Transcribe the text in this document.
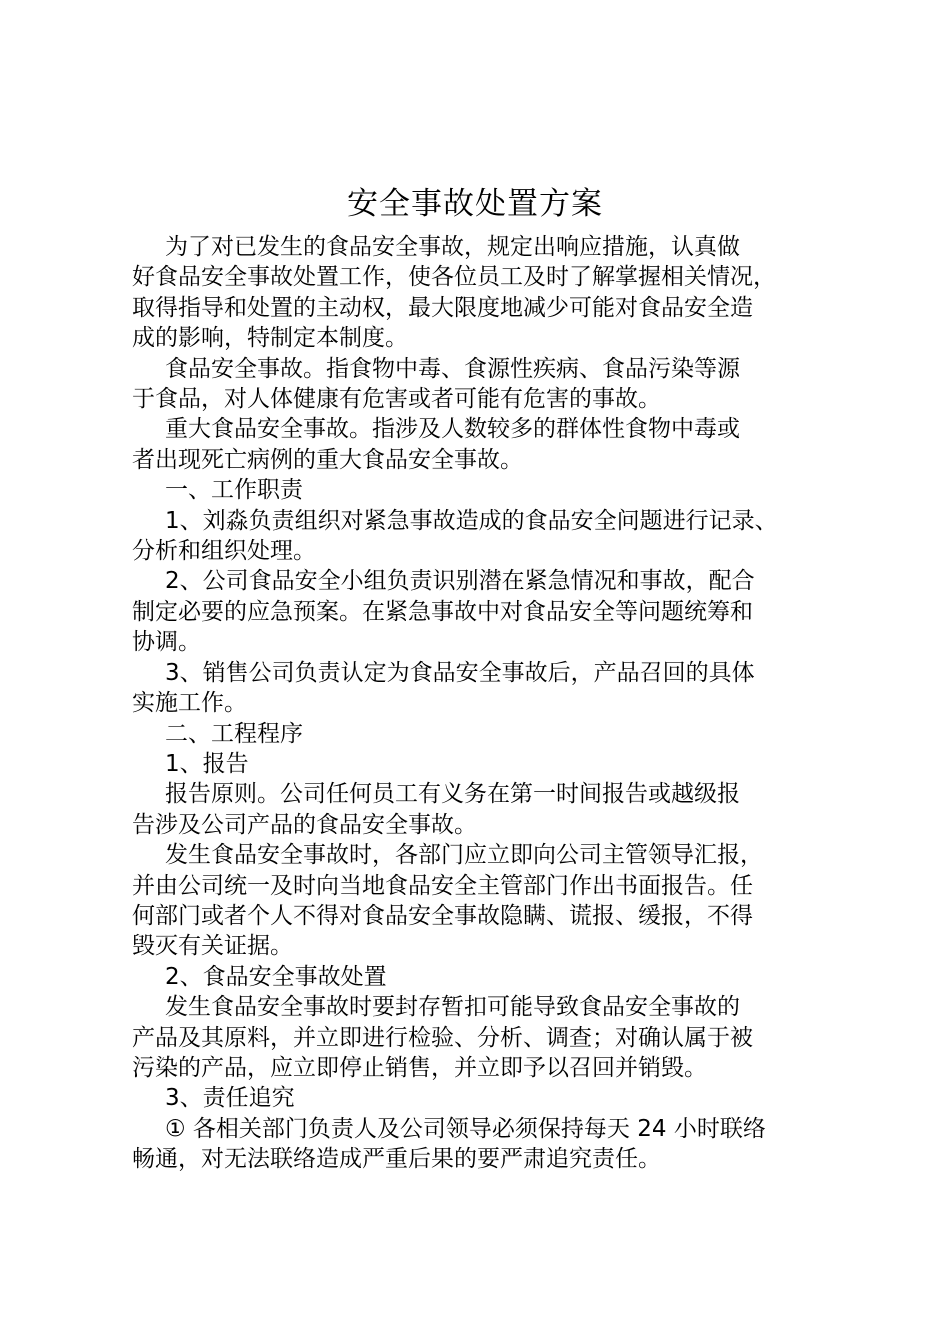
安全事故处置方案

为了对已发生的食品安全事故，规定出响应措施，认真做

好食品安全事故处置工作，使各位员工及时了解掌握相关情况，

取得指导和处置的主动权，最大限度地减少可能对食品安全造

成的影响，特制定本制度。

食品安全事故。指食物中毒、食源性疾病、食品污染等源

于食品，对人体健康有危害或者可能有危害的事故。

重大食品安全事故。指涉及人数较多的群体性食物中毒或

者出现死亡病例的重大食品安全事故。

一、工作职责

1、刘淼负责组织对紧急事故造成的食品安全问题进行记录、

分析和组织处理。

2、公司食品安全小组负责识别潜在紧急情况和事故，配合

制定必要的应急预案。在紧急事故中对食品安全等问题统筹和

协调。

3、销售公司负责认定为食品安全事故后，产品召回的具体

实施工作。

二、工程程序

1、报告

报告原则。公司任何员工有义务在第一时间报告或越级报

告涉及公司产品的食品安全事故。

发生食品安全事故时，各部门应立即向公司主管领导汇报，

并由公司统一及时向当地食品安全主管部门作出书面报告。任

何部门或者个人不得对食品安全事故隐瞒、谎报、缓报，不得

毁灭有关证据。

2、食品安全事故处置

发生食品安全事故时要封存暂扣可能导致食品安全事故的

产品及其原料，并立即进行检验、分析、调查；对确认属于被

污染的产品，应立即停止销售，并立即予以召回并销毁。

3、责任追究

① 各相关部门负责人及公司领导必须保持每天 24 小时联络

畅通，对无法联络造成严重后果的要严肃追究责任。
